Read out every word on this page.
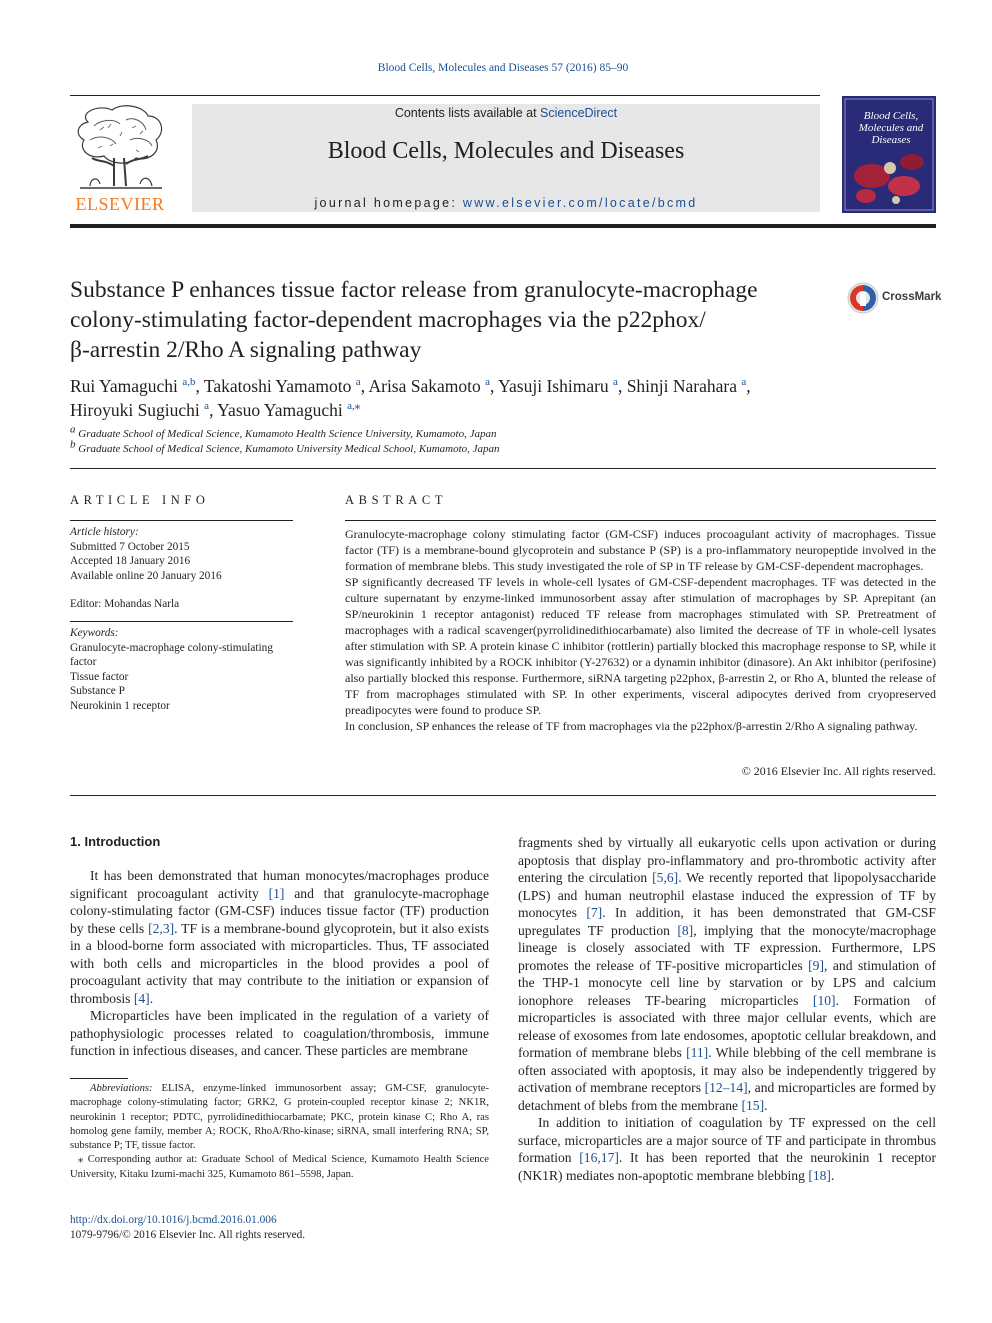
Blood Cells, Molecules and Diseases 57 (2016) 85–90
Contents lists available at ScienceDirect
Blood Cells, Molecules and Diseases
journal homepage: www.elsevier.com/locate/bcmd
ELSEVIER
Blood Cells, Molecules and Diseases
Substance P enhances tissue factor release from granulocyte-macrophage
colony-stimulating factor-dependent macrophages via the p22phox/
β-arrestin 2/Rho A signaling pathway
CrossMark
Rui Yamaguchi $^{a,b}$, Takatoshi Yamamoto $^a$, Arisa Sakamoto $^a$, Yasuji Ishimaru $^a$, Shinji Narahara $^a$,
Hiroyuki Sugiuchi $^a$, Yasuo Yamaguchi $^{a,⁎}$
$^a$ Graduate School of Medical Science, Kumamoto Health Science University, Kumamoto, Japan
$^b$ Graduate School of Medical Science, Kumamoto University Medical School, Kumamoto, Japan
ARTICLE INFO	ABSTRACT
Article history:
Submitted 7 October 2015
Accepted 18 January 2016
Available online 20 January 2016
Editor: Mohandas Narla
Keywords:
Granulocyte-macrophage colony-stimulating
factor
Tissue factor
Substance P
Neurokinin 1 receptor

Granulocyte-macrophage colony stimulating factor (GM-CSF) induces procoagulant activity of macrophages. Tissue factor (TF) is a membrane-bound glycoprotein and substance P (SP) is a pro-inflammatory neuropeptide involved in the formation of membrane blebs. This study investigated the role of SP in TF release by GM-CSF-dependent macrophages.

SP significantly decreased TF levels in whole-cell lysates of GM-CSF-dependent macrophages. TF was detected in the culture supernatant by enzyme-linked immunosorbent assay after stimulation of macrophages by SP. Aprepitant (an SP/neurokinin 1 receptor antagonist) reduced TF release from macrophages stimulated with SP. Pretreatment of macrophages with a radical scavenger(pyrrolidinedithiocarbamate) also limited the decrease of TF in whole-cell lysates after stimulation with SP. A protein kinase C inhibitor (rottlerin) partially blocked this macrophage response to SP, while it was significantly inhibited by a ROCK inhibitor (Y-27632) or a dynamin inhibitor (dinasore). An Akt inhibitor (perifosine) also partially blocked this response. Furthermore, siRNA targeting p22phox, β-arrestin 2, or Rho A, blunted the release of TF from macrophages stimulated with SP. In other experiments, visceral adipocytes derived from cryopreserved preadipocytes were found to produce SP.

In conclusion, SP enhances the release of TF from macrophages via the p22phox/β-arrestin 2/Rho A signaling pathway.

© 2016 Elsevier Inc. All rights reserved.
1. Introduction

It has been demonstrated that human monocytes/macrophages produce significant procoagulant activity [1] and that granulocyte-macrophage colony-stimulating factor (GM-CSF) induces tissue factor (TF) production by these cells [2,3]. TF is a membrane-bound glycoprotein, but it also exists in a blood-borne form associated with microparticles. Thus, TF associated with both cells and microparticles in the blood provides a pool of procoagulant activity that may contribute to the initiation or expansion of thrombosis [4].

Microparticles have been implicated in the regulation of a variety of pathophysiologic processes related to coagulation/thrombosis, immune function in infectious diseases, and cancer. These particles are membrane

fragments shed by virtually all eukaryotic cells upon activation or during apoptosis that display pro-inflammatory and pro-thrombotic activity after entering the circulation [5,6]. We recently reported that lipopolysaccharide (LPS) and human neutrophil elastase induced the expression of TF by monocytes [7]. In addition, it has been demonstrated that GM-CSF upregulates TF production [8], implying that the monocyte/macrophage lineage is closely associated with TF expression. Furthermore, LPS promotes the release of TF-positive microparticles [9], and stimulation of the THP-1 monocyte cell line by starvation or by LPS and calcium ionophore releases TF-bearing microparticles [10]. Formation of microparticles is associated with three major cellular events, which are release of exosomes from late endosomes, apoptotic cellular breakdown, and formation of membrane blebs [11]. While blebbing of the cell membrane is often associated with apoptosis, it may also be independently triggered by activation of membrane receptors [12–14], and microparticles are formed by detachment of blebs from the membrane [15].

In addition to initiation of coagulation by TF expressed on the cell surface, microparticles are a major source of TF and participate in thrombus formation [16,17]. It has been reported that the neurokinin 1 receptor (NK1R) mediates non-apoptotic membrane blebbing [18].

Abbreviations: ELISA, enzyme-linked immunosorbent assay; GM-CSF, granulocyte-macrophage colony-stimulating factor; GRK2, G protein-coupled receptor kinase 2; NK1R, neurokinin 1 receptor; PDTC, pyrrolidinedithiocarbamate; PKC, protein kinase C; Rho A, ras homolog gene family, member A; ROCK, RhoA/Rho-kinase; siRNA, small interfering RNA; SP, substance P; TF, tissue factor.

⁎ Corresponding author at: Graduate School of Medical Science, Kumamoto Health Science University, Kitaku Izumi-machi 325, Kumamoto 861–5598, Japan.

http://dx.doi.org/10.1016/j.bcmd.2016.01.006
1079-9796/© 2016 Elsevier Inc. All rights reserved.
